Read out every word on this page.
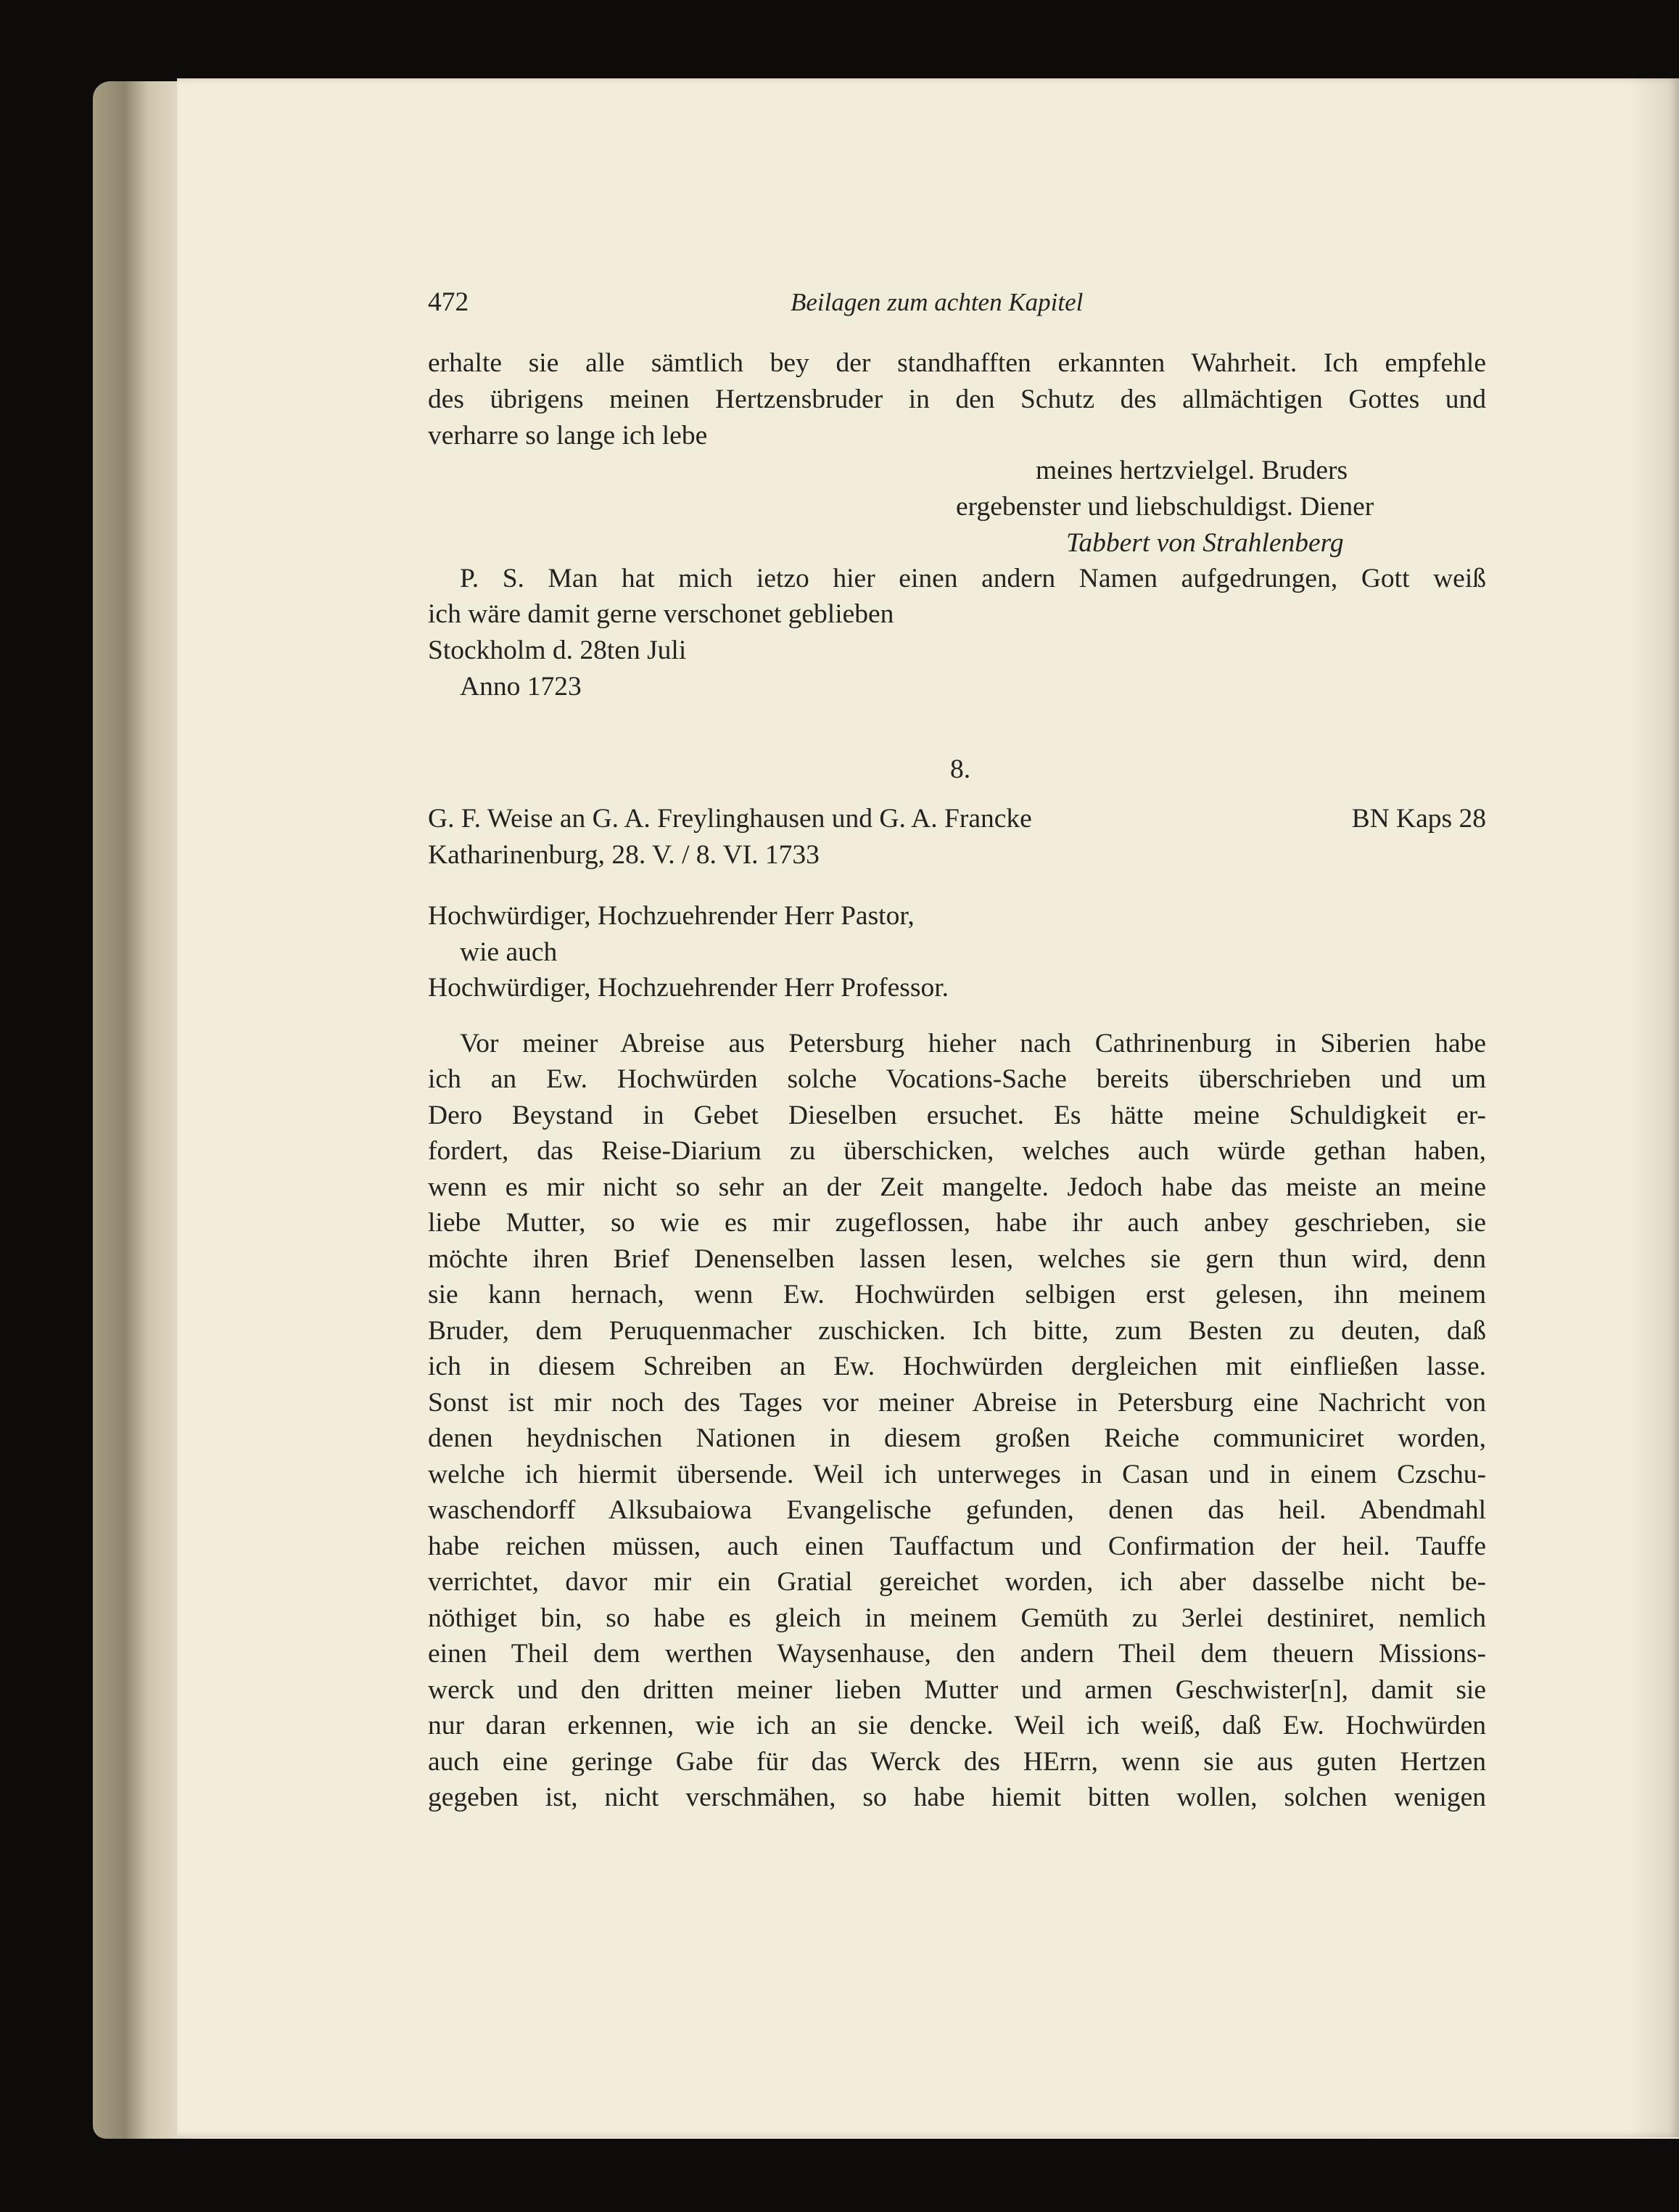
472	Beilagen zum achten Kapitel
erhalte sie alle sämtlich bey der standhafften erkannten Wahrheit. Ich empfehle
des übrigens meinen Hertzensbruder in den Schutz des allmächtigen Gottes und
verharre so lange ich lebe
meines hertzvielgel. Bruders
ergebenster und liebschuldigst. Diener
Tabbert von Strahlenberg
P. S. Man hat mich ietzo hier einen andern Namen aufgedrungen, Gott weiß
ich wäre damit gerne verschonet geblieben
Stockholm d. 28ten Juli
Anno 1723
8.
G. F. Weise an G. A. Freylinghausen und G. A. Francke	BN Kaps 28
Katharinenburg, 28. V. / 8. VI. 1733
Hochwürdiger, Hochzuehrender Herr Pastor,
wie auch
Hochwürdiger, Hochzuehrender Herr Professor.
Vor meiner Abreise aus Petersburg hieher nach Cathrinenburg in Siberien habe
ich an Ew. Hochwürden solche Vocations-Sache bereits überschrieben und um
Dero Beystand in Gebet Dieselben ersuchet. Es hätte meine Schuldigkeit er-
fordert, das Reise-Diarium zu überschicken, welches auch würde gethan haben,
wenn es mir nicht so sehr an der Zeit mangelte. Jedoch habe das meiste an meine
liebe Mutter, so wie es mir zugeflossen, habe ihr auch anbey geschrieben, sie
möchte ihren Brief Denenselben lassen lesen, welches sie gern thun wird, denn
sie kann hernach, wenn Ew. Hochwürden selbigen erst gelesen, ihn meinem
Bruder, dem Peruquenmacher zuschicken. Ich bitte, zum Besten zu deuten, daß
ich in diesem Schreiben an Ew. Hochwürden dergleichen mit einfließen lasse.
Sonst ist mir noch des Tages vor meiner Abreise in Petersburg eine Nachricht von
denen heydnischen Nationen in diesem großen Reiche communiciret worden,
welche ich hiermit übersende. Weil ich unterweges in Casan und in einem Czschu-
waschendorff Alksubaiowa Evangelische gefunden, denen das heil. Abendmahl
habe reichen müssen, auch einen Tauffactum und Confirmation der heil. Tauffe
verrichtet, davor mir ein Gratial gereichet worden, ich aber dasselbe nicht be-
nöthiget bin, so habe es gleich in meinem Gemüth zu 3erlei destiniret, nemlich
einen Theil dem werthen Waysenhause, den andern Theil dem theuern Missions-
werck und den dritten meiner lieben Mutter und armen Geschwister[n], damit sie
nur daran erkennen, wie ich an sie dencke. Weil ich weiß, daß Ew. Hochwürden
auch eine geringe Gabe für das Werck des HErrn, wenn sie aus guten Hertzen
gegeben ist, nicht verschmähen, so habe hiemit bitten wollen, solchen wenigen
